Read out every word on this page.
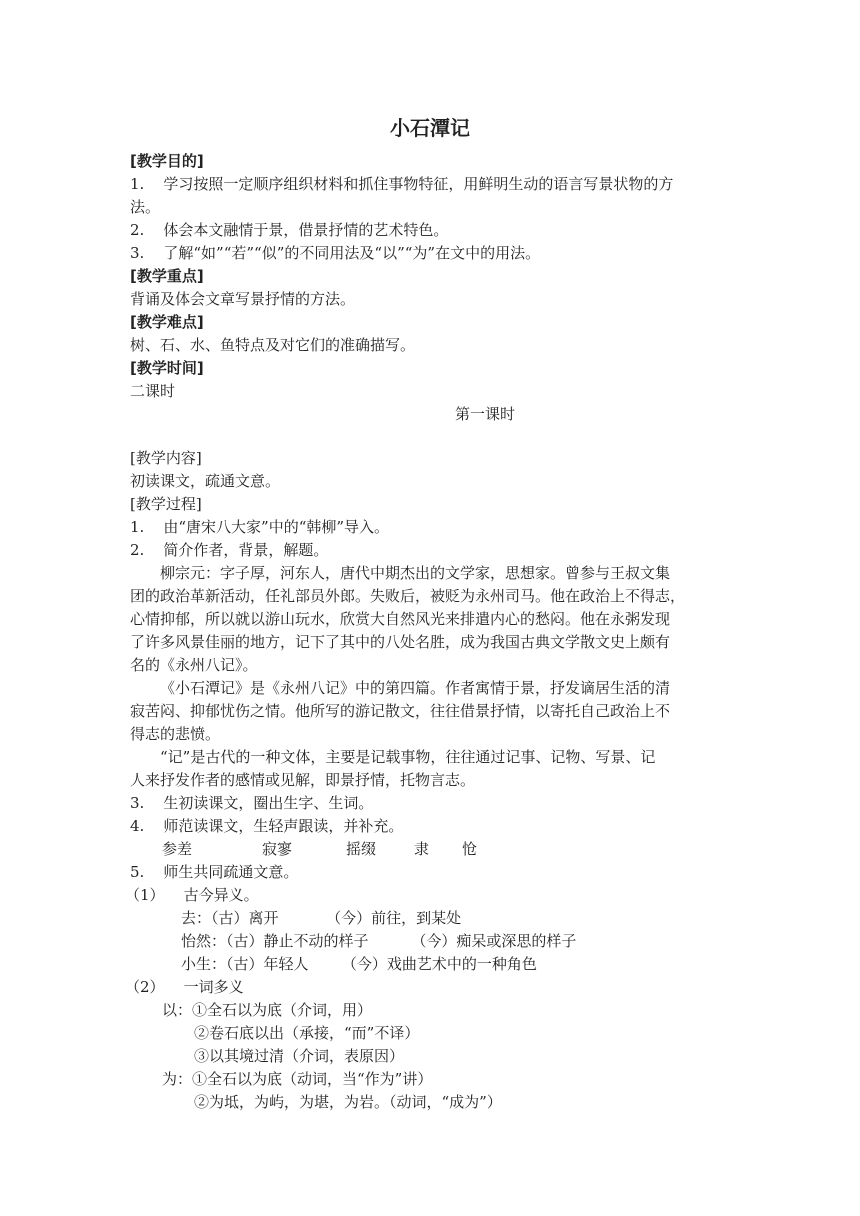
小石潭记
[教学目的]
1.    学习按照一定顺序组织材料和抓住事物特征，用鲜明生动的语言写景状物的方
法。
2.    体会本文融情于景，借景抒情的艺术特色。
3.    了解“如”“若”“似”的不同用法及“以”“为”在文中的用法。
[教学重点]
背诵及体会文章写景抒情的方法。
[教学难点]
树、石、水、鱼特点及对它们的准确描写。
[教学时间]
二课时
第一课时
[教学内容]
初读课文，疏通文意。
[教学过程]
1.    由“唐宋八大家”中的“韩柳”导入。
2.    简介作者，背景，解题。
柳宗元：字子厚，河东人，唐代中期杰出的文学家，思想家。曾参与王叔文集
团的政治革新活动，任礼部员外郎。失败后，被贬为永州司马。他在政治上不得志，
心情抑郁，所以就以游山玩水，欣赏大自然风光来排遣内心的愁闷。他在永粥发现
了许多风景佳丽的地方，记下了其中的八处名胜，成为我国古典文学散文史上颇有
名的《永州八记》。
《小石潭记》是《永州八记》中的第四篇。作者寓情于景，抒发谪居生活的清
寂苦闷、抑郁忧伤之情。他所写的游记散文，往往借景抒情，以寄托自己政治上不
得志的悲愤。
“记”是古代的一种文体，主要是记载事物，往往通过记事、记物、写景、记
人来抒发作者的感情或见解，即景抒情，托物言志。
3.    生初读课文，圈出生字、生词。
4.    师范读课文，生轻声跟读，并补充。
参差	寂寥	摇缀	隶 怆
5.    师生共同疏通文意。
（1）    古今异义。
去：（古）离开          （今）前往，到某处
怡然：（古）静止不动的样子         （今）痴呆或深思的样子
小生：（古）年轻人       （今）戏曲艺术中的一种角色
（2）    一词多义
以：①全石以为底（介词，用）
②卷石底以出（承接，“而”不译）
③以其境过清（介词，表原因）
为：①全石以为底（动词，当“作为”讲）
②为坻，为屿，为堪，为岩。（动词，“成为”）
